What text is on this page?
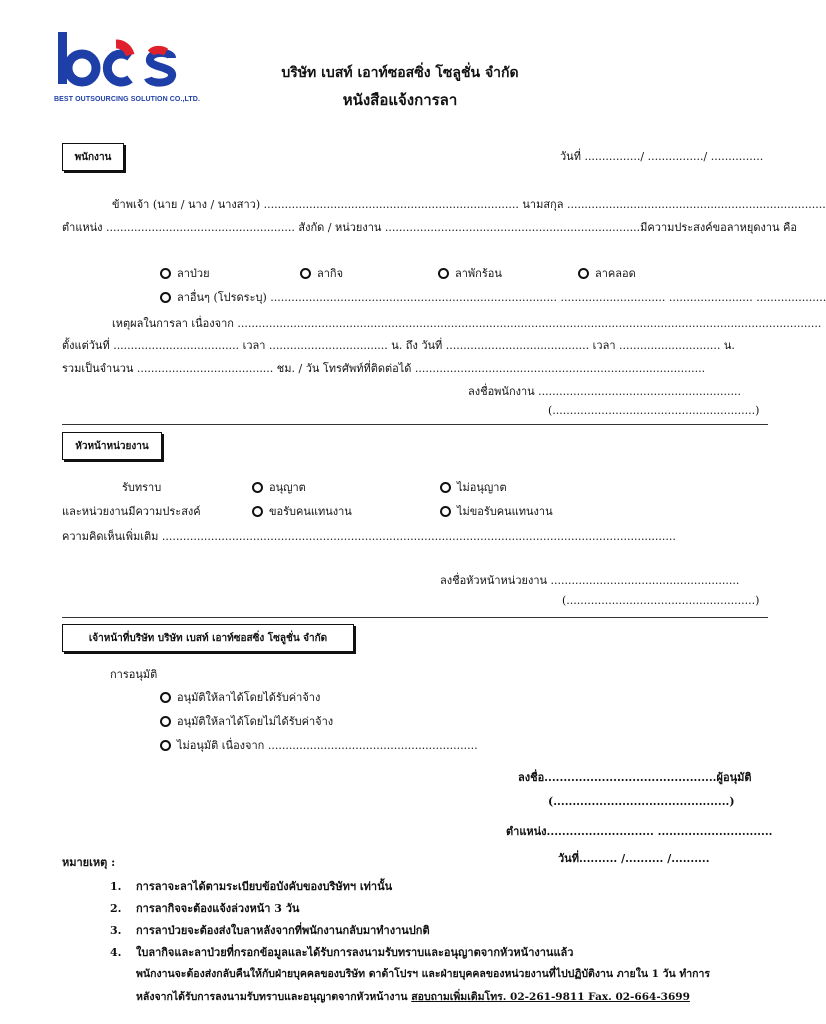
BEST OUTSOURCING SOLUTION CO.,LTD.
บริษัท เบสท์ เอาท์ซอสซิ่ง โซลูชั่น จำกัด
หนังสือแจ้งการลา
พนักงาน	วันที่ ................/ ................/ ...............
ข้าพเจ้า (นาย / นาง / นางสาว) ......................................................................... นามสกุล ..........................................................................
ตำแหน่ง ...................................................... สังกัด / หน่วยงาน .........................................................................มีความประสงค์ขอลาหยุดงาน คือ
ลาป่วย	ลากิจ	ลาพักร้อน	ลาคลอด
ลาอื่นๆ (โปรดระบุ) .................................................................................. .............................. ........................ ....................
เหตุผลในการลา เนื่องจาก .......................................................................................................................................................................
ตั้งแต่วันที่ .................................... เวลา .................................. น. ถึง วันที่ ......................................... เวลา ............................. น.
รวมเป็นจำนวน ....................................... ชม. / วัน โทรศัพท์ที่ติดต่อได้ ...................................................................................
ลงชื่อพนักงาน ..........................................................
(..........................................................)
หัวหน้าหน่วยงาน
รับทราบ	อนุญาต	ไม่อนุญาต
และหน่วยงานมีความประสงค์	ขอรับคนแทนงาน	ไม่ขอรับคนแทนงาน
ความคิดเห็นเพิ่มเติม ...................................................................................................................................................
ลงชื่อหัวหน้าหน่วยงาน ......................................................
(......................................................)
เจ้าหน้าที่บริษัท บริษัท เบสท์ เอาท์ซอสซิ่ง โซลูชั่น จำกัด
การอนุมัติ
อนุมัติให้ลาได้โดยได้รับค่าจ้าง
อนุมัติให้ลาได้โดยไม่ได้รับค่าจ้าง
ไม่อนุมัติ เนื่องจาก ............................................................
ลงชื่อ.............................................ผู้อนุมัติ
(..............................................)
ตำแหน่ง............................ ..............................
วันที่.......... /.......... /..........
หมายเหตุ :
1. การลาจะลาได้ตามระเบียบข้อบังคับของบริษัทฯ เท่านั้น
2. การลากิจจะต้องแจ้งล่วงหน้า 3 วัน
3. การลาป่วยจะต้องส่งใบลาหลังจากที่พนักงานกลับมาทำงานปกติ
4. ใบลากิจและลาป่วยที่กรอกข้อมูลและได้รับการลงนามรับทราบและอนุญาตจากหัวหน้างานแล้ว
พนักงานจะต้องส่งกลับคืนให้กับฝ่ายบุคคลของบริษัท ดาด้าโปรฯ และฝ่ายบุคคลของหน่วยงานที่ไปปฏิบัติงาน ภายใน 1 วัน ทำการ
หลังจากได้รับการลงนามรับทราบและอนุญาตจากหัวหน้างาน สอบถามเพิ่มเติมโทร. 02-261-9811 Fax. 02-664-3699
